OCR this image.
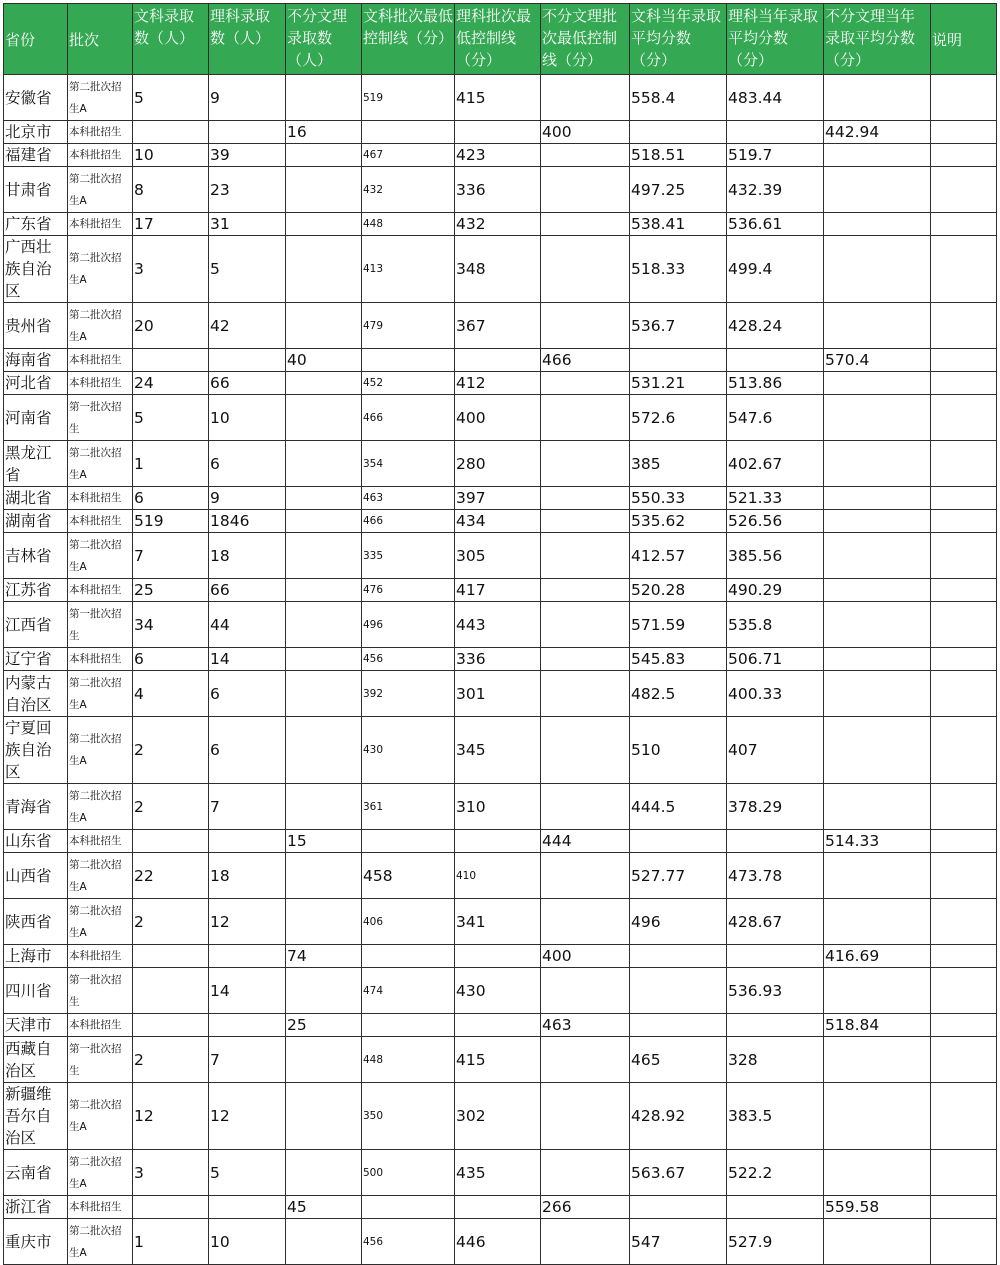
省份	批次	文科录取数（人）	理科录取数（人）	不分文理录取数（人）	文科批次最低控制线（分）	理科批次最低控制线（分）	不分文理批次最低控制线（分）	文科当年录取平均分数（分）	理科当年录取平均分数（分）	不分文理当年录取平均分数（分）	说明
安徽省	第二批次招生A	5	9		519	415		558.4	483.44		
北京市	本科批招生			16			400			442.94	
福建省	本科批招生	10	39		467	423		518.51	519.7		
甘肃省	第二批次招生A	8	23		432	336		497.25	432.39		
广东省	本科批招生	17	31		448	432		538.41	536.61		
广西壮族自治区	第二批次招生A	3	5		413	348		518.33	499.4		
贵州省	第二批次招生A	20	42		479	367		536.7	428.24		
海南省	本科批招生			40			466			570.4	
河北省	本科批招生	24	66		452	412		531.21	513.86		
河南省	第一批次招生	5	10		466	400		572.6	547.6		
黑龙江省	第二批次招生A	1	6		354	280		385	402.67		
湖北省	本科批招生	6	9		463	397		550.33	521.33		
湖南省	本科批招生	519	1846		466	434		535.62	526.56		
吉林省	第二批次招生A	7	18		335	305		412.57	385.56		
江苏省	本科批招生	25	66		476	417		520.28	490.29		
江西省	第一批次招生	34	44		496	443		571.59	535.8		
辽宁省	本科批招生	6	14		456	336		545.83	506.71		
内蒙古自治区	第二批次招生A	4	6		392	301		482.5	400.33		
宁夏回族自治区	第二批次招生A	2	6		430	345		510	407		
青海省	第二批次招生A	2	7		361	310		444.5	378.29		
山东省	本科批招生			15			444			514.33	
山西省	第二批次招生A	22	18		458	410		527.77	473.78		
陕西省	第二批次招生A	2	12		406	341		496	428.67		
上海市	本科批招生			74			400			416.69	
四川省	第一批次招生		14		474	430			536.93		
天津市	本科批招生			25			463			518.84	
西藏自治区	第一批次招生	2	7		448	415		465	328		
新疆维吾尔自治区	第二批次招生A	12	12		350	302		428.92	383.5		
云南省	第二批次招生A	3	5		500	435		563.67	522.2		
浙江省	本科批招生			45			266			559.58	
重庆市	第二批次招生A	1	10		456	446		547	527.9		
